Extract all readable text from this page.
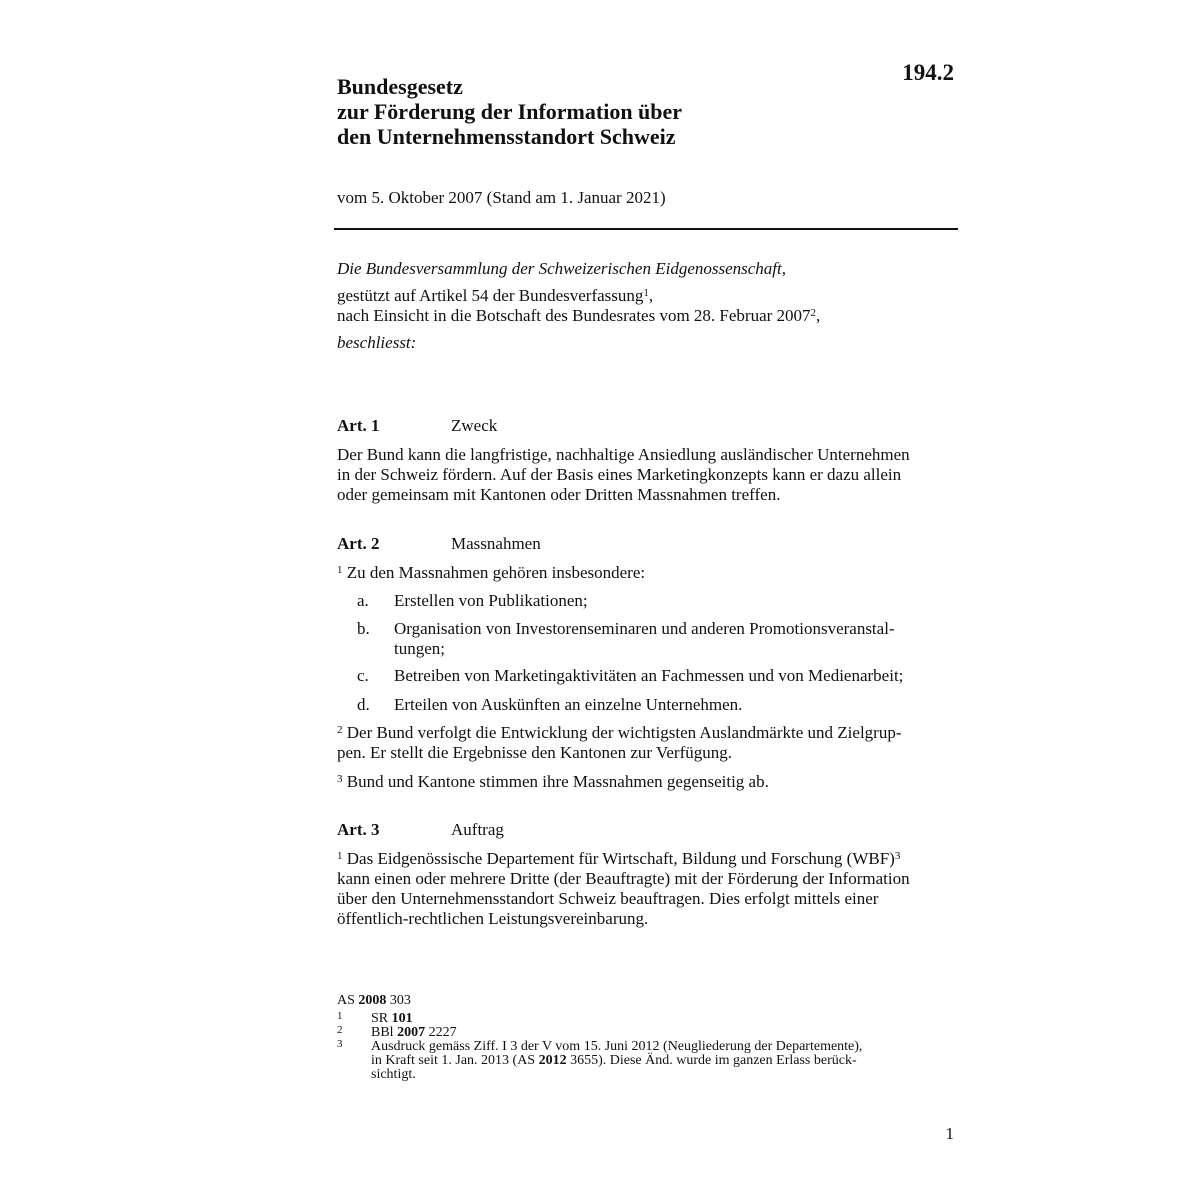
194.2
Bundesgesetz
zur Förderung der Information über
den Unternehmensstandort Schweiz
vom 5. Oktober 2007 (Stand am 1. Januar 2021)
Die Bundesversammlung der Schweizerischen Eidgenossenschaft,
gestützt auf Artikel 54 der Bundesverfassung$^1$,
nach Einsicht in die Botschaft des Bundesrates vom 28. Februar 2007$^2$,
beschliesst:
Art. 1	Zweck
Der Bund kann die langfristige, nachhaltige Ansiedlung ausländischer Unternehmen
in der Schweiz fördern. Auf der Basis eines Marketingkonzepts kann er dazu allein
oder gemeinsam mit Kantonen oder Dritten Massnahmen treffen.
Art. 2	Massnahmen
$^1$ Zu den Massnahmen gehören insbesondere:
a. Erstellen von Publikationen;
b. Organisation von Investorenseminaren und anderen Promotionsveranstal-
tungen;
c. Betreiben von Marketingaktivitäten an Fachmessen und von Medienarbeit;
d. Erteilen von Auskünften an einzelne Unternehmen.
$^2$ Der Bund verfolgt die Entwicklung der wichtigsten Auslandmärkte und Zielgrup-
pen. Er stellt die Ergebnisse den Kantonen zur Verfügung.
$^3$ Bund und Kantone stimmen ihre Massnahmen gegenseitig ab.
Art. 3	Auftrag
$^1$ Das Eidgenössische Departement für Wirtschaft, Bildung und Forschung (WBF)$^3$
kann einen oder mehrere Dritte (der Beauftragte) mit der Förderung der Information
über den Unternehmensstandort Schweiz beauftragen. Dies erfolgt mittels einer
öffentlich-rechtlichen Leistungsvereinbarung.
AS 2008 303
1 SR 101
2 BBl 2007 2227
3 Ausdruck gemäss Ziff. I 3 der V vom 15. Juni 2012 (Neugliederung der Departemente),
in Kraft seit 1. Jan. 2013 (AS 2012 3655). Diese Änd. wurde im ganzen Erlass berück-
sichtigt.
1
